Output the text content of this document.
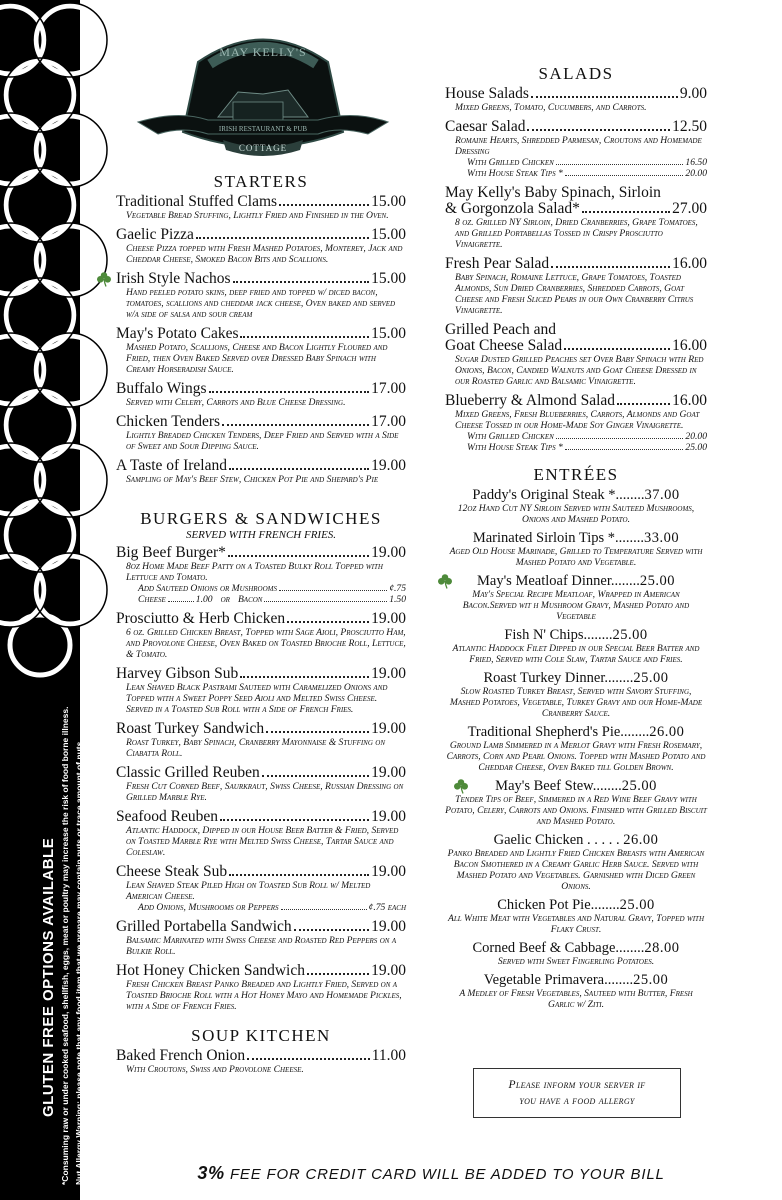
GLUTEN FREE OPTIONS AVAILABLE *Consuming raw or under cooked seafood, shellfish, eggs, meat or poultry may increase the risk of food borne illness. Nut Allergy Warning: please note that any food item that we prepare may contain nuts or trace amount of nuts.
MAY KELLY'S
IRISH RESTAURANT & PUB
COTTAGE
STARTERS
Traditional Stuffed Clams	15.00
Vegetable Bread Stuffing, Lightly Fried and Finished in the Oven.
Gaelic Pizza	15.00
Cheese Pizza topped with Fresh Mashed Potatoes, Monterey, Jack and Cheddar Cheese, Smoked Bacon Bits and Scallions.
Irish Style Nachos	15.00
Hand peeled potato skins, deep fried and topped w/ diced bacon, tomatoes, scallions and cheddar jack cheese, Oven baked and served w/a side of salsa and sour cream
May's Potato Cakes	15.00
Mashed Potato, Scallions, Cheese and Bacon Lightly Floured and Fried, then Oven Baked Served over Dressed Baby Spinach with Creamy Horseradish Sauce.
Buffalo Wings	17.00
Served with Celery, Carrots and Blue Cheese Dressing.
Chicken Tenders	17.00
Lightly Breaded Chicken Tenders, Deep Fried and Served with a Side of Sweet and Sour Dipping Sauce.
A Taste of Ireland	19.00
Sampling of May's Beef Stew, Chicken Pot Pie and Shepard's Pie
BURGERS & SANDWICHES
SERVED WITH FRENCH FRIES.
Big Beef Burger*	19.00
8oz Home Made Beef Patty on a Toasted Bulky Roll Topped with Lettuce and Tomato.
Add Sauteed Onions or Mushrooms	¢.75
Cheese	1.00 or Bacon	1.50
Prosciutto & Herb Chicken	19.00
6 oz. Grilled Chicken Breast, Topped with Sage Aioli, Prosciutto Ham, and Provolone Cheese, Oven Baked on Toasted Brioche Roll, Lettuce, & Tomato.
Harvey Gibson Sub	19.00
Lean Shaved Black Pastrami Sauteed with Caramelized Onions and Topped with a Sweet Poppy Seed Aioli and Melted Swiss Cheese. Served in a Toasted Sub Roll with a Side of French Fries.
Roast Turkey Sandwich	19.00
Roast Turkey, Baby Spinach, Cranberry Mayonnaise & Stuffing on Ciabatta Roll.
Classic Grilled Reuben	19.00
Fresh Cut Corned Beef, Saurkraut, Swiss Cheese, Russian Dressing on Grilled Marble Rye.
Seafood Reuben	19.00
Atlantic Haddock, Dipped in our House Beer Batter & Fried, Served on Toasted Marble Rye with Melted Swiss Cheese, Tartar Sauce and Coleslaw.
Cheese Steak Sub	19.00
Lean Shaved Steak Piled High on Toasted Sub Roll w/ Melted American Cheese.
Add Onions, Mushrooms or Peppers	¢.75 each
Grilled Portabella Sandwich	19.00
Balsamic Marinated with Swiss Cheese and Roasted Red Peppers on a Bulkie Roll.
Hot Honey Chicken Sandwich	19.00
Fresh Chicken Breast Panko Breaded and Lightly Fried, Served on a Toasted Brioche Roll with a Hot Honey Mayo and Homemade Pickles, with a Side of French Fries.
SOUP KITCHEN
Baked French Onion	11.00
With Croutons, Swiss and Provolone Cheese.
SALADS
House Salads	9.00
Mixed Greens, Tomato, Cucumbers, and Carrots.
Caesar Salad	12.50
Romaine Hearts, Shredded Parmesan, Croutons and Homemade Dressing
With Grilled Chicken	16.50
With House Steak Tips *	20.00
May Kelly's Baby Spinach, Sirloin
& Gorgonzola Salad*	27.00
8 oz. Grilled NY Sirloin, Dried Cranberries, Grape Tomatoes, and Grilled Portabellas Tossed in Crispy Prosciutto Vinaigrette.
Fresh Pear Salad	16.00
Baby Spinach, Romaine Lettuce, Grape Tomatoes, Toasted Almonds, Sun Dried Cranberries, Shredded Carrots, Goat Cheese and Fresh Sliced Pears in our Own Cranberry Citrus Vinaigrette.
Grilled Peach and
Goat Cheese Salad	16.00
Sugar Dusted Grilled Peaches set Over Baby Spinach with Red Onions, Bacon, Candied Walnuts and Goat Cheese Dressed in our Roasted Garlic and Balsamic Vinaigrette.
Blueberry & Almond Salad	16.00
Mixed Greens, Fresh Blueberries, Carrots, Almonds and Goat Cheese Tossed in our Home-Made Soy Ginger Vinaigrette.
With Grilled Chicken	20.00
With House Steak Tips *	25.00
ENTRÉES
Paddy's Original Steak *........37.00
12oz Hand Cut NY Sirloin Served with Sauteed Mushrooms, Onions and Mashed Potato.
Marinated Sirloin Tips *........33.00
Aged Old House Marinade, Grilled to Temperature Served with Mashed Potato and Vegetable.
May's Meatloaf Dinner........25.00
May's Special Recipe Meatloaf, Wrapped in American Bacon.Served wit h Mushroom Gravy, Mashed Potato and Vegetable
Fish N' Chips........25.00
Atlantic Haddock Filet Dipped in our Special Beer Batter and Fried, Served with Cole Slaw, Tartar Sauce and Fries.
Roast Turkey Dinner........25.00
Slow Roasted Turkey Breast, Served with Savory Stuffing, Mashed Potatoes, Vegetable, Turkey Gravy and our Home-Made Cranberry Sauce.
Traditional Shepherd's Pie........26.00
Ground Lamb Simmered in a Merlot Gravy with Fresh Rosemary, Carrots, Corn and Pearl Onions. Topped with Mashed Potato and Cheddar Cheese, Oven Baked till Golden Brown.
May's Beef Stew........25.00
Tender Tips of Beef, Simmered in a Red Wine Beef Gravy with Potato, Celery, Carrots and Onions. Finished with Grilled Biscuit and Mashed Potato.
Gaelic Chicken . . . . . 26.00
Panko Breaded and Lightly Fried Chicken Breasts with American Bacon Smothered in a Creamy Garlic Herb Sauce. Served with Mashed Potato and Vegetables. Garnished with Diced Green Onions.
Chicken Pot Pie........25.00
All White Meat with Vegetables and Natural Gravy, Topped with Flaky Crust.
Corned Beef & Cabbage........28.00
Served with Sweet Fingerling Potatoes.
Vegetable Primavera........25.00
A Medley of Fresh Vegetables, Sauteed with Butter, Fresh Garlic w/ Ziti.
Please inform your server if
you have a food allergy
3% FEE FOR CREDIT CARD WILL BE ADDED TO YOUR BILL
